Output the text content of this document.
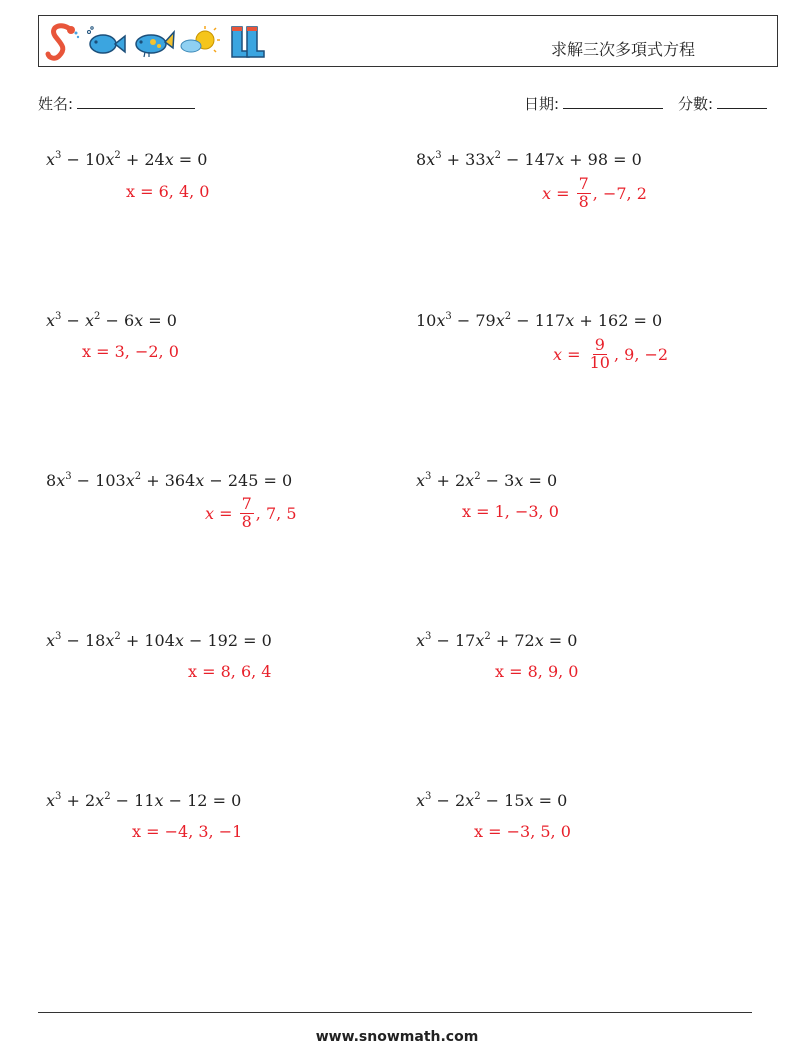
求解三次多項式方程
姓名:	日期:	分數:
$x^3 - 10x^2 + 24x = 0$
x = 6, 4, 0
$8x^3 + 33x^2 - 147x + 98 = 0$
$x = \frac{7}{8}$ , −7, 2
$x^3 - x^2 - 6x = 0$
x = 3, −2, 0
$10x^3 - 79x^2 - 117x + 162 = 0$
$x = \frac{9}{10}$ , 9, −2
$8x^3 - 103x^2 + 364x - 245 = 0$
$x = \frac{7}{8}$ , 7, 5
$x^3 + 2x^2 - 3x = 0$
x = 1, −3, 0
$x^3 - 18x^2 + 104x - 192 = 0$
x = 8, 6, 4
$x^3 - 17x^2 + 72x = 0$
x = 8, 9, 0
$x^3 + 2x^2 - 11x - 12 = 0$
x = −4, 3, −1
$x^3 - 2x^2 - 15x = 0$
x = −3, 5, 0
www.snowmath.com
